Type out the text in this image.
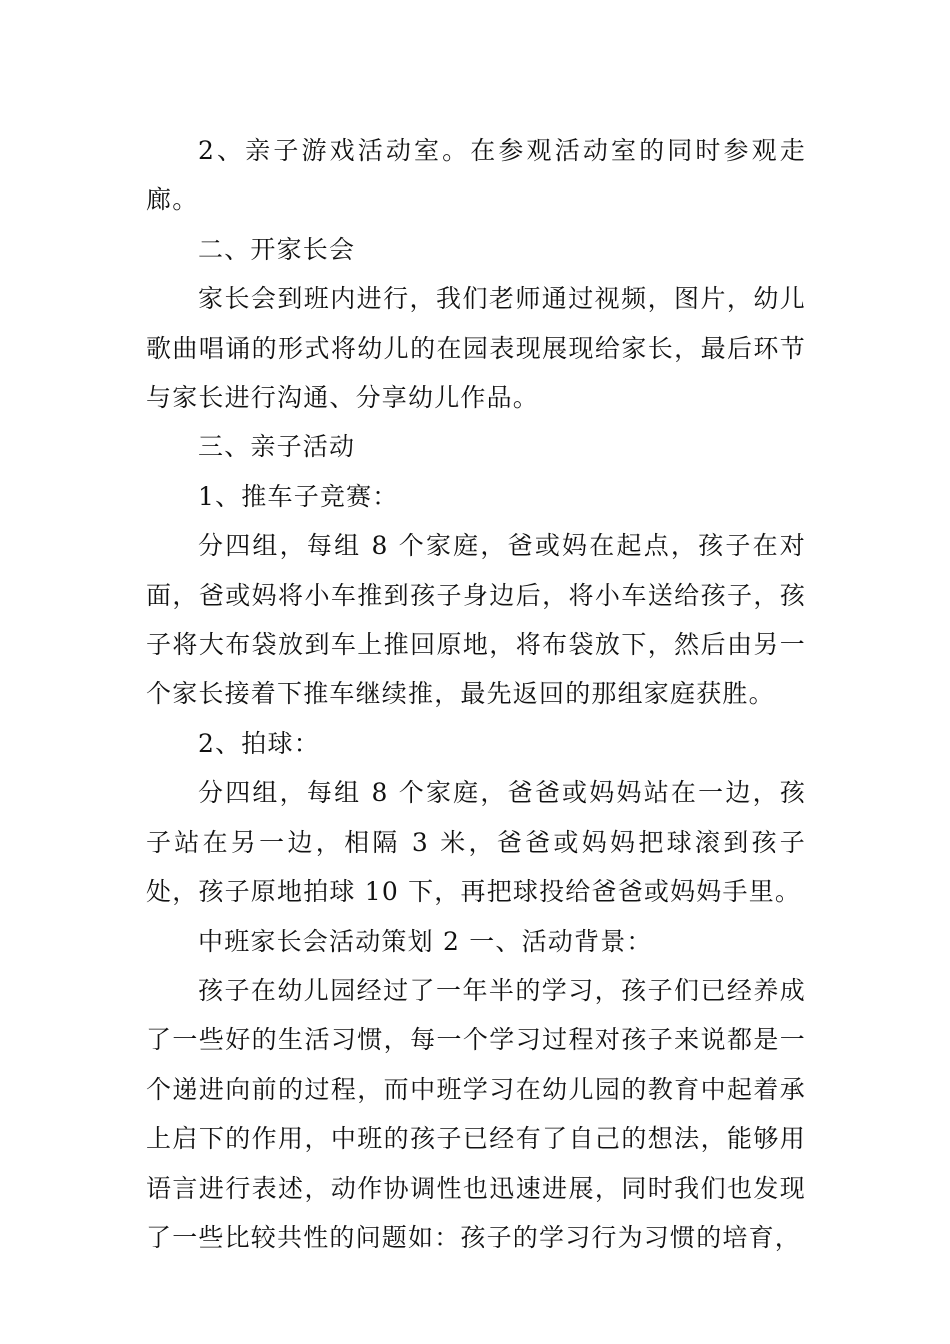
2、亲子游戏活动室。在参观活动室的同时参观走廊。

二、开家长会

家长会到班内进行，我们老师通过视频，图片，幼儿歌曲唱诵的形式将幼儿的在园表现展现给家长，最后环节与家长进行沟通、分享幼儿作品。

三、亲子活动

1、推车子竞赛：

分四组，每组 8 个家庭，爸或妈在起点，孩子在对面，爸或妈将小车推到孩子身边后，将小车送给孩子，孩子将大布袋放到车上推回原地，将布袋放下，然后由另一个家长接着下推车继续推，最先返回的那组家庭获胜。

2、拍球：

分四组，每组 8 个家庭，爸爸或妈妈站在一边，孩子站在另一边，相隔 3 米，爸爸或妈妈把球滚到孩子处，孩子原地拍球 10 下，再把球投给爸爸或妈妈手里。

中班家长会活动策划 2 一、活动背景：

孩子在幼儿园经过了一年半的学习，孩子们已经养成了一些好的生活习惯，每一个学习过程对孩子来说都是一个递进向前的过程，而中班学习在幼儿园的教育中起着承上启下的作用，中班的孩子已经有了自己的想法，能够用语言进行表述，动作协调性也迅速进展，同时我们也发现了一些比较共性的问题如：孩子的学习行为习惯的培育，
